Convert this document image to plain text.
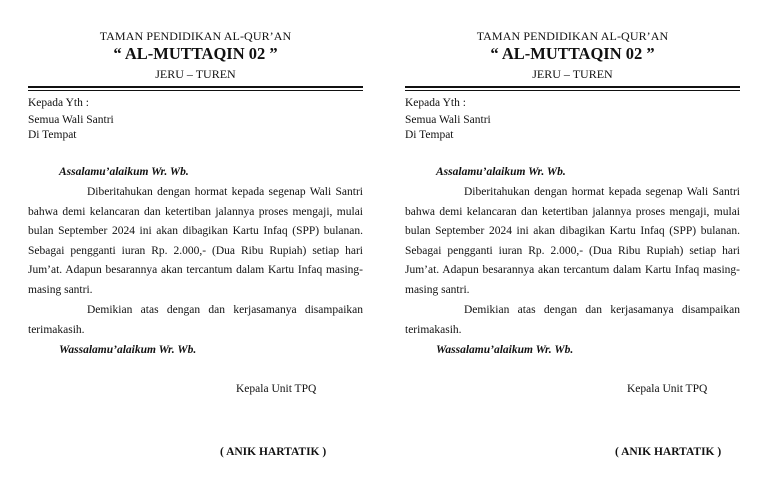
TAMAN PENDIDIKAN AL-QUR’AN
“ AL-MUTTAQIN 02 ”
JERU – TUREN
Kepada Yth :
Semua Wali Santri
Di Tempat
Assalamu’alaikum Wr. Wb.

Diberitahukan dengan hormat kepada segenap Wali Santri bahwa demi kelancaran dan ketertiban jalannya proses mengaji, mulai bulan September 2024 ini akan dibagikan Kartu Infaq (SPP) bulanan. Sebagai pengganti iuran Rp. 2.000,- (Dua Ribu Rupiah) setiap hari Jum’at. Adapun besarannya akan tercantum dalam Kartu Infaq masing-masing santri.

Demikian atas dengan dan kerjasamanya disampaikan terimakasih.

Wassalamu’alaikum Wr. Wb.
Kepala Unit TPQ
( ANIK HARTATIK )
TAMAN PENDIDIKAN AL-QUR’AN
“ AL-MUTTAQIN 02 ”
JERU – TUREN
Kepada Yth :
Semua Wali Santri
Di Tempat
Assalamu’alaikum Wr. Wb.

Diberitahukan dengan hormat kepada segenap Wali Santri bahwa demi kelancaran dan ketertiban jalannya proses mengaji, mulai bulan September 2024 ini akan dibagikan Kartu Infaq (SPP) bulanan. Sebagai pengganti iuran Rp. 2.000,- (Dua Ribu Rupiah) setiap hari Jum’at. Adapun besarannya akan tercantum dalam Kartu Infaq masing-masing santri.

Demikian atas dengan dan kerjasamanya disampaikan terimakasih.

Wassalamu’alaikum Wr. Wb.
Kepala Unit TPQ
( ANIK HARTATIK )
